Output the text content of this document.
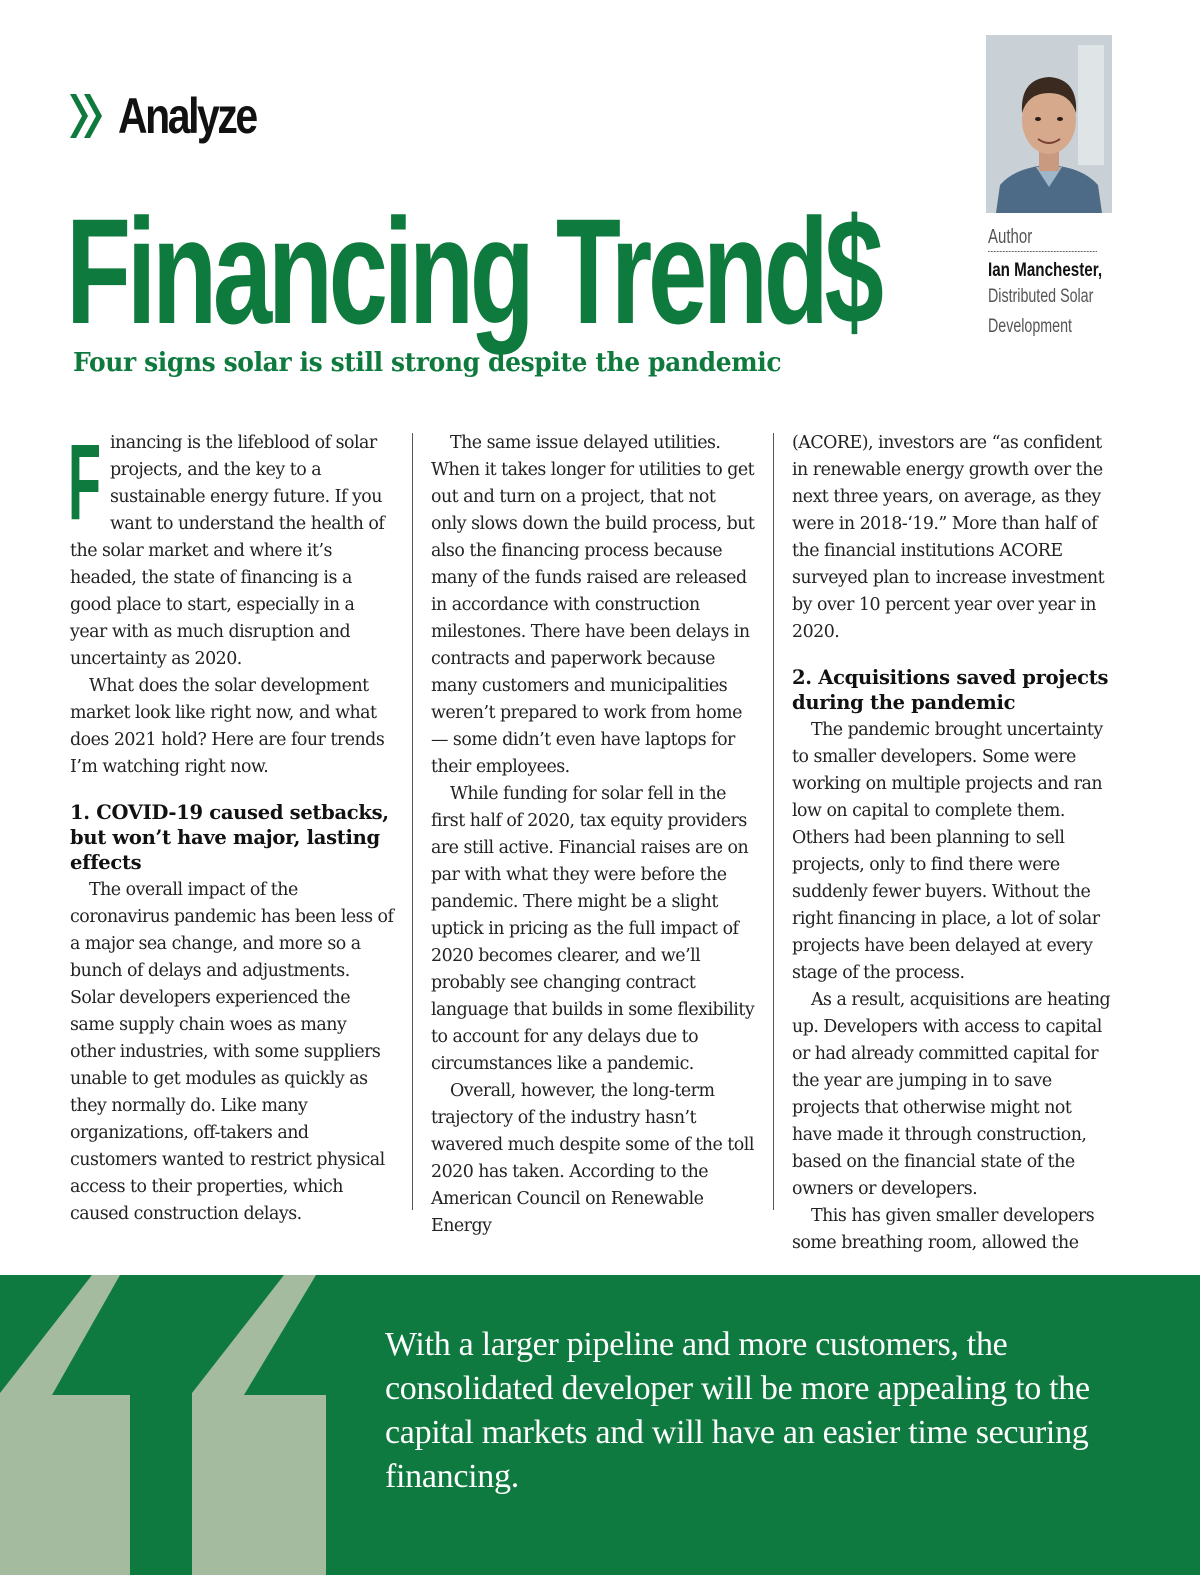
Analyze
Financing Trend$
Four signs solar is still strong despite the pandemic
Author
Ian Manchester,
Distributed Solar Development

Financing is the lifeblood of solar projects, and the key to a sustainable energy future. If you want to understand the health of the solar market and where it’s headed, the state of financing is a good place to start, especially in a year with as much disruption and uncertainty as 2020.

What does the solar development market look like right now, and what does 2021 hold? Here are four trends I’m watching right now.

1. COVID-19 caused setbacks, but won’t have major, lasting effects

The overall impact of the coronavirus pandemic has been less of a major sea change, and more so a bunch of delays and adjustments. Solar developers experienced the same supply chain woes as many other industries, with some suppliers unable to get modules as quickly as they normally do. Like many organizations, off-takers and customers wanted to restrict physical access to their properties, which caused construction delays.

The same issue delayed utilities. When it takes longer for utilities to get out and turn on a project, that not only slows down the build process, but also the financing process because many of the funds raised are released in accordance with construction milestones. There have been delays in contracts and paperwork because many customers and municipalities weren’t prepared to work from home — some didn’t even have laptops for their employees.

While funding for solar fell in the first half of 2020, tax equity providers are still active. Financial raises are on par with what they were before the pandemic. There might be a slight uptick in pricing as the full impact of 2020 becomes clearer, and we’ll probably see changing contract language that builds in some flexibility to account for any delays due to circumstances like a pandemic.

Overall, however, the long-term trajectory of the industry hasn’t wavered much despite some of the toll 2020 has taken. According to the American Council on Renewable Energy

(ACORE), investors are “as confident in renewable energy growth over the next three years, on average, as they were in 2018-‘19.” More than half of the financial institutions ACORE surveyed plan to increase investment by over 10 percent year over year in 2020.

2. Acquisitions saved projects during the pandemic

The pandemic brought uncertainty to smaller developers. Some were working on multiple projects and ran low on capital to complete them. Others had been planning to sell projects, only to find there were suddenly fewer buyers. Without the right financing in place, a lot of solar projects have been delayed at every stage of the process.

As a result, acquisitions are heating up. Developers with access to capital or had already committed capital for the year are jumping in to save projects that otherwise might not have made it through construction, based on the financial state of the owners or developers.

This has given smaller developers some breathing room, allowed the

With a larger pipeline and more customers, the consolidated developer will be more appealing to the capital markets and will have an easier time securing financing.
